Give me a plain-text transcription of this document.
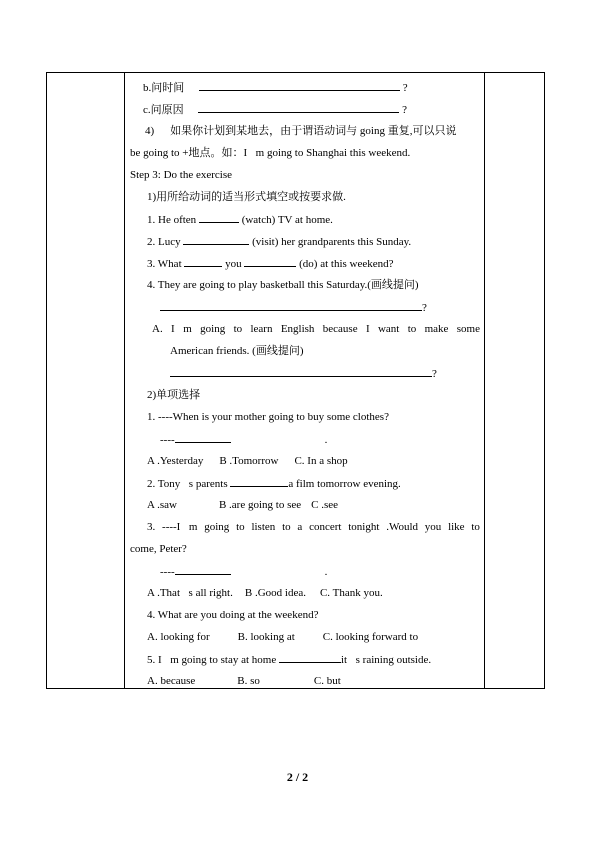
b.问时间	?
c.问原因	?
4) 如果你计划到某地去，由于谓语动词与 going 重复,可以只说
be going to +地点。如：I m going to Shanghai this weekend.
Step 3: Do the exercise
1)用所给动词的适当形式填空或按要求做.
1. He often	(watch) TV at home.
2. Lucy	(visit) her grandparents this Sunday.
3. What	you	(do) at this weekend?
4. They are going to play basketball this Saturday.(画线提问)
?
A. I m going to learn English because I want to make some
American friends. (画线提问)
?
2)单项选择
1. ----When is your mother going to buy some clothes?
----	.
A .Yesterday B .Tomorrow C. In a shop
2. Tony s parents	a film tomorrow evening.
A .saw	B .are going to see C .see
3. ----I m going to listen to a concert tonight .Would you like to
come, Peter?
----	.
A .That s all right. B .Good idea. C. Thank you.
4. What are you doing at the weekend?
A. looking for	B. looking at	C. looking forward to
5. I m going to stay at home	it s raining outside.
A. because	B. so	C. but
2 / 2
